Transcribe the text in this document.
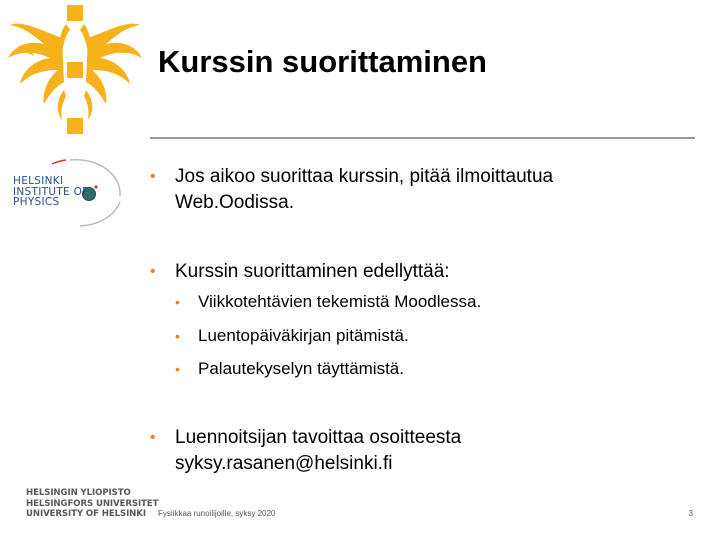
HELSINKI
INSTITUTE OF
PHYSICS
Kurssin suorittaminen
•	Jos aikoo suorittaa kurssin, pitää ilmoittautua
Web.Oodissa.
•	Kurssin suorittaminen edellyttää:
•	Viikkotehtävien tekemistä Moodlessa.
•	Luentopäiväkirjan pitämistä.
•	Palautekyselyn täyttämistä.
•	Luennoitsijan tavoittaa osoitteesta
syksy.rasanen@helsinki.fi
HELSINGIN YLIOPISTO
HELSINGFORS UNIVERSITET
UNIVERSITY OF HELSINKI	Fysiikkaa runoilijoille, syksy 2020	3
